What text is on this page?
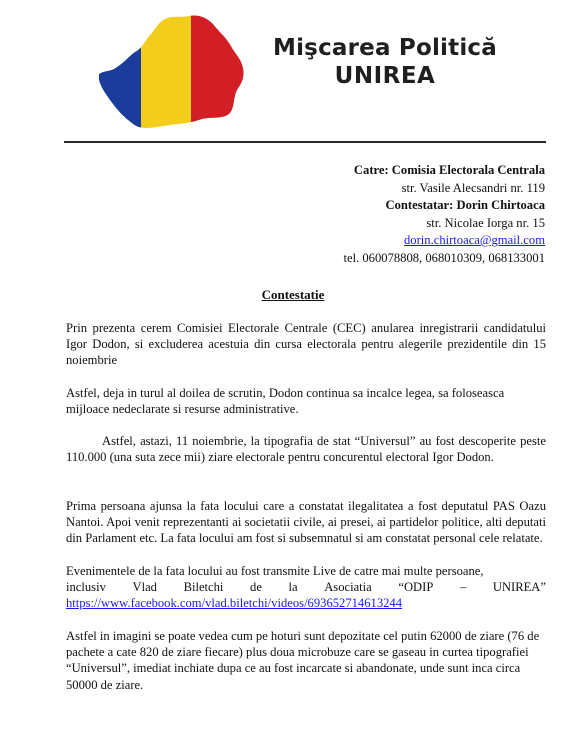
Mişcarea Politică
UNIREA
Catre: Comisia Electorala Centrala
str. Vasile Alecsandri nr. 119
Contestatar: Dorin Chirtoaca
str. Nicolae Iorga nr. 15
dorin.chirtoaca@gmail.com
tel. 060078808, 068010309, 068133001
Contestatie
Prin prezenta cerem Comisiei Electorale Centrale (CEC) anularea inregistrarii candidatului Igor Dodon, si excluderea acestuia din cursa electorala pentru alegerile prezidentile din 15 noiembrie
Astfel, deja in turul al doilea de scrutin, Dodon continua sa incalce legea, sa foloseasca mijloace nedeclarate si resurse administrative.
Astfel, astazi, 11 noiembrie, la tipografia de stat “Universul” au fost descoperite peste 110.000 (una suta zece mii) ziare electorale pentru concurentul electoral Igor Dodon.
Prima persoana ajunsa la fata locului care a constatat ilegalitatea a fost deputatul PAS Oazu Nantoi. Apoi venit reprezentanti ai societatii civile, ai presei, ai partidelor politice, alti deputati din Parlament etc. La fata locului am fost si subsemnatul si am constatat personal cele relatate.
Evenimentele de la fata locului au fost transmite Live de catre mai multe persoane,
inclusiv Vlad Biletchi de la Asociatia “ODIP – UNIREA”
https://www.facebook.com/vlad.biletchi/videos/693652714613244
Astfel in imagini se poate vedea cum pe hoturi sunt depozitate cel putin 62000 de ziare (76 de pachete a cate 820 de ziare fiecare) plus doua microbuze care se gaseau in curtea tipografiei “Universul”, imediat inchiate dupa ce au fost incarcate si abandonate, unde sunt inca circa 50000 de ziare.
